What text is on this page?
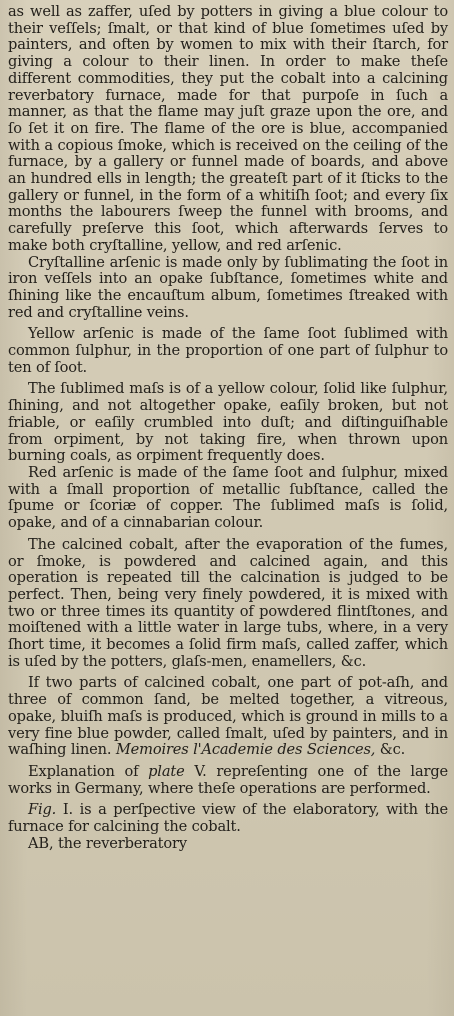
as well as zaffer, uſed by potters in giving a blue colour to their veſſels; ſmalt, or that kind of blue ſometimes uſed by painters, and often by women to mix with their ſtarch, for giving a colour to their linen. In order to make theſe different commodities, they put the cobalt into a calcining reverbatory furnace, made for that purpoſe in ſuch a manner, as that the flame may juſt graze upon the ore, and ſo ſet it on fire. The flame of the ore is blue, accompanied with a copious ſmoke, which is received on the ceiling of the furnace, by a gallery or funnel made of boards, and above an hundred ells in length; the greateſt part of it ſticks to the gallery or funnel, in the form of a whitiſh ſoot; and every ſix months the labourers ſweep the funnel with brooms, and carefully preſerve this ſoot, which afterwards ſerves to make both cryſtalline, yellow, and red arſenic.

Cryſtalline arſenic is made only by ſublimating the ſoot in iron veſſels into an opake ſubſtance, ſometimes white and ſhining like the encauſtum album, ſometimes ſtreaked with red and cryſtalline veins.

Yellow arſenic is made of the ſame ſoot ſublimed with common ſulphur, in the proportion of one part of ſulphur to ten of ſoot.

The ſublimed maſs is of a yellow colour, ſolid like ſulphur, ſhining, and not altogether opake, eaſily broken, but not friable, or eaſily crumbled into duſt; and diſtinguiſhable from orpiment, by not taking fire, when thrown upon burning coals, as orpiment frequently does.

Red arſenic is made of the ſame ſoot and ſulphur, mixed with a ſmall proportion of metallic ſubſtance, called the ſpume or ſcoriæ of copper. The ſublimed maſs is ſolid, opake, and of a cinnabarian colour.

The calcined cobalt, after the evaporation of the fumes, or ſmoke, is powdered and calcined again, and this operation is repeated till the calcination is judged to be perfect. Then, being very finely powdered, it is mixed with two or three times its quantity of powdered flintſtones, and moiſtened with a little water in large tubs, where, in a very ſhort time, it becomes a ſolid firm maſs, called zaffer, which is uſed by the potters, glaſs-men, enamellers, &c.

If two parts of calcined cobalt, one part of pot-aſh, and three of common ſand, be melted together, a vitreous, opake, bluiſh maſs is produced, which is ground in mills to a very fine blue powder, called ſmalt, uſed by painters, and in waſhing linen. Memoires l'Academie des Sciences, &c.

Explanation of plate V. repreſenting one of the large works in Germany, where theſe operations are performed.

Fig. I. is a perſpective view of the elaboratory, with the furnace for calcining the cobalt.

AB, the reverberatory
